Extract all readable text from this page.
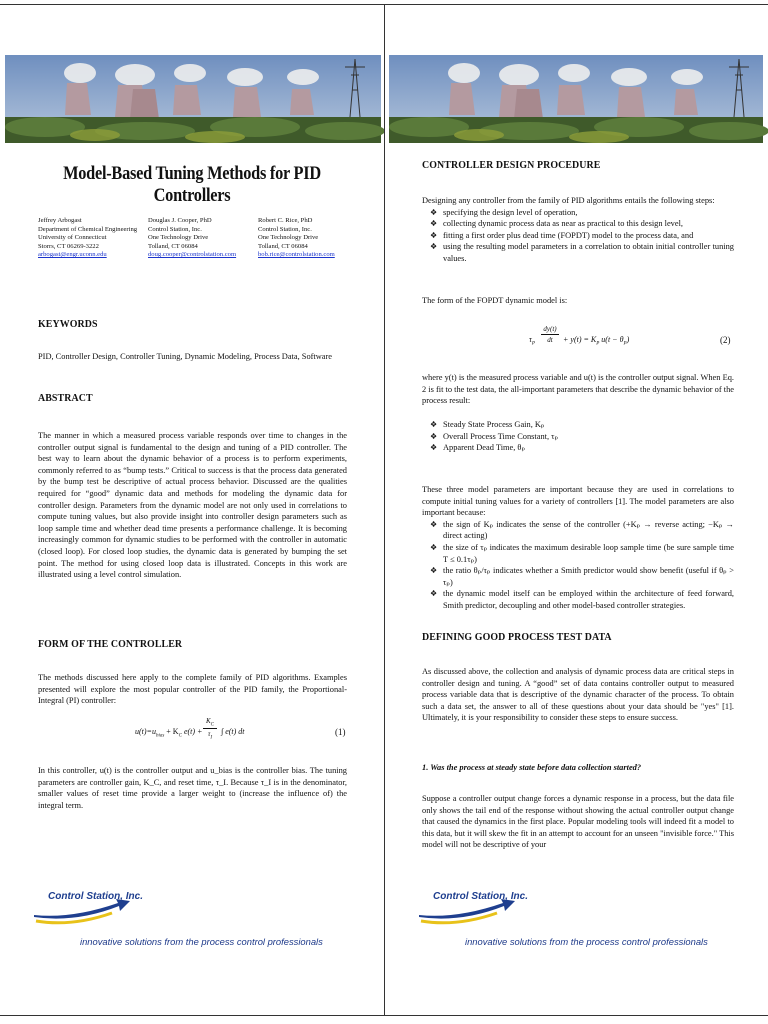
Model-Based Tuning Methods for PID Controllers
Jeffrey Arbogast
Department of Chemical Engineering
University of Connecticut
Storrs, CT 06269-3222
arbogast@engr.uconn.edu
Douglas J. Cooper, PhD
Control Station, Inc.
One Technology Drive
Tolland, CT 06084
doug.cooper@controlstation.com
Robert C. Rice, PhD
Control Station, Inc.
One Technology Drive
Tolland, CT 06084
bob.rice@controlstation.com
KEYWORDS
PID, Controller Design, Controller Tuning, Dynamic Modeling, Process Data, Software
ABSTRACT
The manner in which a measured process variable responds over time to changes in the controller output signal is fundamental to the design and tuning of a PID controller. The best way to learn about the dynamic behavior of a process is to perform experiments, commonly referred to as “bump tests.” Critical to success is that the process data generated by the bump test be descriptive of actual process behavior. Discussed are the qualities required for “good” dynamic data and methods for modeling the dynamic data for controller design. Parameters from the dynamic model are not only used in correlations to compute tuning values, but also provide insight into controller design parameters such as loop sample time and whether dead time presents a performance challenge. It is becoming increasingly common for dynamic studies to be performed with the controller in automatic (closed loop). For closed loop studies, the dynamic data is generated by bumping the set point. The method for using closed loop data is illustrated. Concepts in this work are illustrated using a level control simulation.
FORM OF THE CONTROLLER
The methods discussed here apply to the complete family of PID algorithms. Examples presented will explore the most popular controller of the PID family, the Proportional-Integral (PI) controller:
$u(t)=u_{bias} + K_C$ e(t) +
$K_C$
$\tau_I$
∫ e(t) dt	(1)
In this controller, u(t) is the controller output and u_bias is the controller bias. The tuning parameters are controller gain, K_C, and reset time, τ_I. Because τ_I is in the denominator, smaller values of reset time provide a larger weight to (increase the influence of) the integral term.
Control Station, Inc.
innovative solutions from the process control professionals
CONTROLLER DESIGN PROCEDURE

Designing any controller from the family of PID algorithms entails the following steps:

❖ specifying the design level of operation,
❖ collecting dynamic process data as near as practical to this design level,
❖ fitting a first order plus dead time (FOPDT) model to the process data, and
❖ using the resulting model parameters in a correlation to obtain initial controller tuning values.
The form of the FOPDT dynamic model is:
$\tau_P$
dy(t)
dt	+ $y(t) = K_P$ $u(t - \theta_P)$	(2)
where y(t) is the measured process variable and u(t) is the controller output signal. When Eq. 2 is fit to the test data, the all-important parameters that describe the dynamic behavior of the process result:
❖ Steady State Process Gain, Kₚ
❖ Overall Process Time Constant, τₚ
❖ Apparent Dead Time, θₚ

These three model parameters are important because they are used in correlations to compute initial tuning values for a variety of controllers [1]. The model parameters are also important because:

❖ the sign of Kₚ indicates the sense of the controller (+Kₚ → reverse acting; −Kₚ → direct acting)
❖ the size of τₚ indicates the maximum desirable loop sample time (be sure sample time T ≤ 0.1τₚ)
❖ the ratio θₚ/τₚ indicates whether a Smith predictor would show benefit (useful if θₚ > τₚ)
❖ the dynamic model itself can be employed within the architecture of feed forward, Smith predictor, decoupling and other model-based controller strategies.
DEFINING GOOD PROCESS TEST DATA
As discussed above, the collection and analysis of dynamic process data are critical steps in controller design and tuning. A “good” set of data contains controller output to measured process variable data that is descriptive of the dynamic character of the process. To obtain such a data set, the answer to all of these questions about your data should be "yes" [1]. Ultimately, it is your responsibility to consider these steps to ensure success.
1. Was the process at steady state before data collection started?
Suppose a controller output change forces a dynamic response in a process, but the data file only shows the tail end of the response without showing the actual controller output change that caused the dynamics in the first place. Popular modeling tools will indeed fit a model to this data, but it will skew the fit in an attempt to account for an unseen "invisible force." This model will not be descriptive of your
Control Station, Inc.
innovative solutions from the process control professionals
